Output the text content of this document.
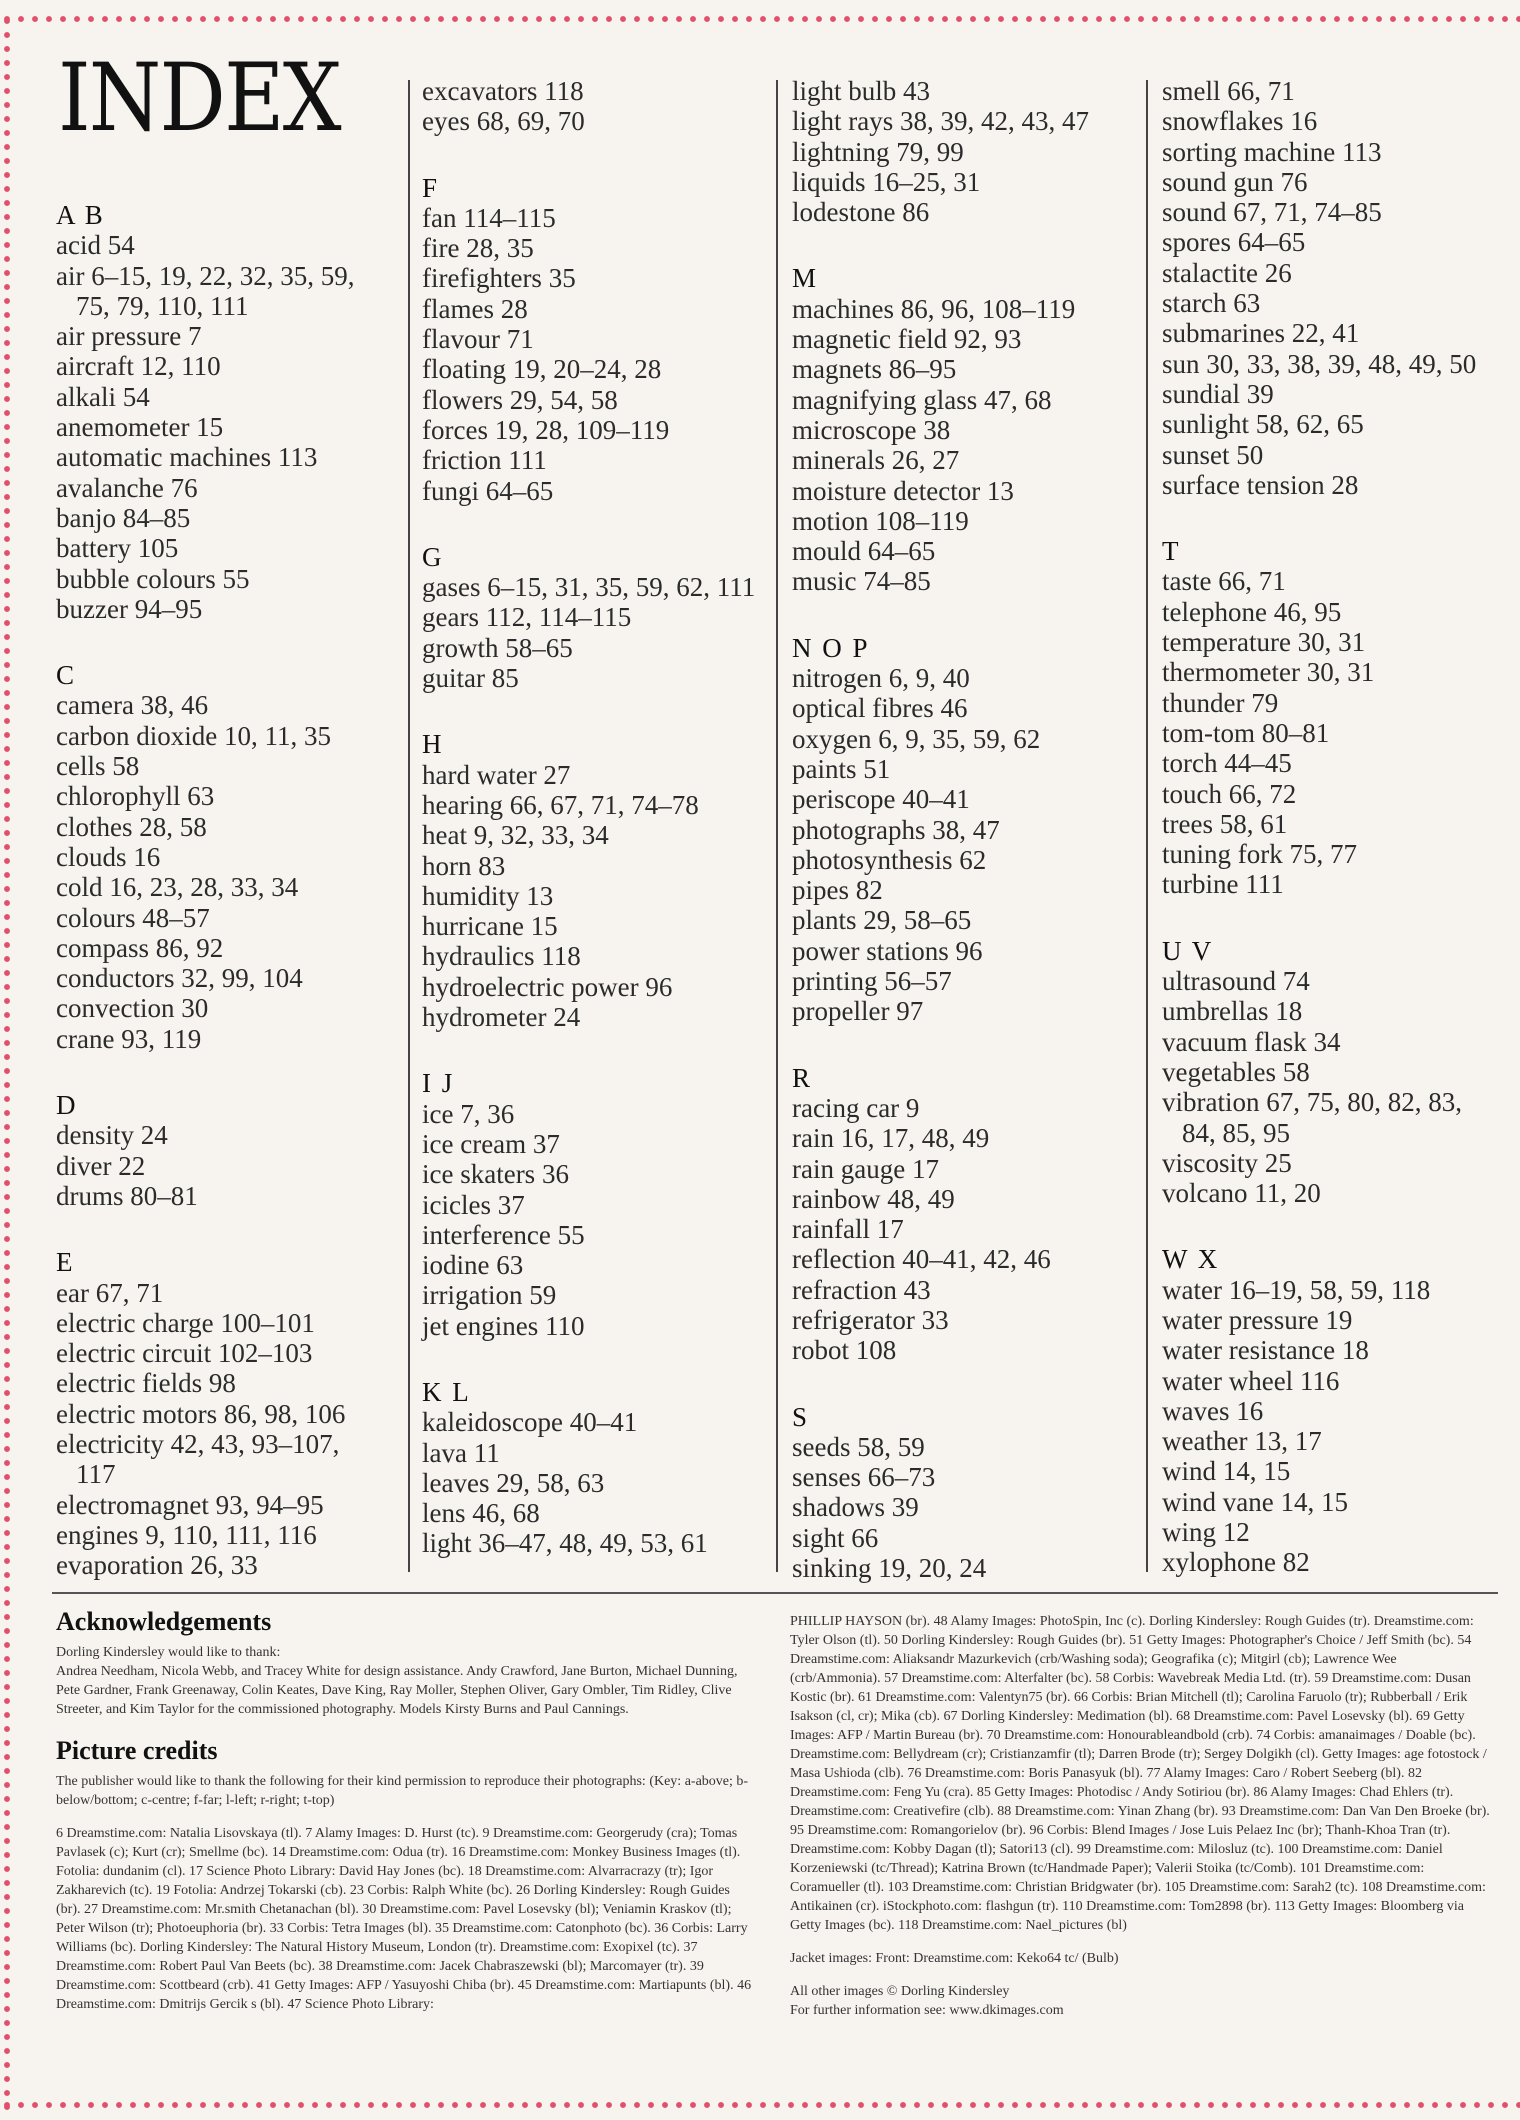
INDEX
A B
acid 54
air 6–15, 19, 22, 32, 35, 59,
75, 79, 110, 111
air pressure 7
aircraft 12, 110
alkali 54
anemometer 15
automatic machines 113
avalanche 76
banjo 84–85
battery 105
bubble colours 55
buzzer 94–95
C
camera 38, 46
carbon dioxide 10, 11, 35
cells 58
chlorophyll 63
clothes 28, 58
clouds 16
cold 16, 23, 28, 33, 34
colours 48–57
compass 86, 92
conductors 32, 99, 104
convection 30
crane 93, 119
D
density 24
diver 22
drums 80–81
E
ear 67, 71
electric charge 100–101
electric circuit 102–103
electric fields 98
electric motors 86, 98, 106
electricity 42, 43, 93–107,
117
electromagnet 93, 94–95
engines 9, 110, 111, 116
evaporation 26, 33
excavators 118
eyes 68, 69, 70
F
fan 114–115
fire 28, 35
firefighters 35
flames 28
flavour 71
floating 19, 20–24, 28
flowers 29, 54, 58
forces 19, 28, 109–119
friction 111
fungi 64–65
G
gases 6–15, 31, 35, 59, 62, 111
gears 112, 114–115
growth 58–65
guitar 85
H
hard water 27
hearing 66, 67, 71, 74–78
heat 9, 32, 33, 34
horn 83
humidity 13
hurricane 15
hydraulics 118
hydroelectric power 96
hydrometer 24
I J
ice 7, 36
ice cream 37
ice skaters 36
icicles 37
interference 55
iodine 63
irrigation 59
jet engines 110
K L
kaleidoscope 40–41
lava 11
leaves 29, 58, 63
lens 46, 68
light 36–47, 48, 49, 53, 61
light bulb 43
light rays 38, 39, 42, 43, 47
lightning 79, 99
liquids 16–25, 31
lodestone 86
M
machines 86, 96, 108–119
magnetic field 92, 93
magnets 86–95
magnifying glass 47, 68
microscope 38
minerals 26, 27
moisture detector 13
motion 108–119
mould 64–65
music 74–85
N O P
nitrogen 6, 9, 40
optical fibres 46
oxygen 6, 9, 35, 59, 62
paints 51
periscope 40–41
photographs 38, 47
photosynthesis 62
pipes 82
plants 29, 58–65
power stations 96
printing 56–57
propeller 97
R
racing car 9
rain 16, 17, 48, 49
rain gauge 17
rainbow 48, 49
rainfall 17
reflection 40–41, 42, 46
refraction 43
refrigerator 33
robot 108
S
seeds 58, 59
senses 66–73
shadows 39
sight 66
sinking 19, 20, 24
smell 66, 71
snowflakes 16
sorting machine 113
sound gun 76
sound 67, 71, 74–85
spores 64–65
stalactite 26
starch 63
submarines 22, 41
sun 30, 33, 38, 39, 48, 49, 50
sundial 39
sunlight 58, 62, 65
sunset 50
surface tension 28
T
taste 66, 71
telephone 46, 95
temperature 30, 31
thermometer 30, 31
thunder 79
tom-tom 80–81
torch 44–45
touch 66, 72
trees 58, 61
tuning fork 75, 77
turbine 111
U V
ultrasound 74
umbrellas 18
vacuum flask 34
vegetables 58
vibration 67, 75, 80, 82, 83,
84, 85, 95
viscosity 25
volcano 11, 20
W X
water 16–19, 58, 59, 118
water pressure 19
water resistance 18
water wheel 116
waves 16
weather 13, 17
wind 14, 15
wind vane 14, 15
wing 12
xylophone 82
Acknowledgements

Dorling Kindersley would like to thank:

Andrea Needham, Nicola Webb, and Tracey White for design assistance. Andy Crawford, Jane Burton, Michael Dunning, Pete Gardner, Frank Greenaway, Colin Keates, Dave King, Ray Moller, Stephen Oliver, Gary Ombler, Tim Ridley, Clive Streeter, and Kim Taylor for the commissioned photography. Models Kirsty Burns and Paul Cannings.

Picture credits

The publisher would like to thank the following for their kind permission to reproduce their photographs: (Key: a-above; b-below/bottom; c-centre; f-far; l-left; r-right; t-top)

6 Dreamstime.com: Natalia Lisovskaya (tl). 7 Alamy Images: D. Hurst (tc). 9 Dreamstime.com: Georgerudy (cra); Tomas Pavlasek (c); Kurt (cr); Smellme (bc). 14 Dreamstime.com: Odua (tr). 16 Dreamstime.com: Monkey Business Images (tl). Fotolia: dundanim (cl). 17 Science Photo Library: David Hay Jones (bc). 18 Dreamstime.com: Alvarracrazy (tr); Igor Zakharevich (tc). 19 Fotolia: Andrzej Tokarski (cb). 23 Corbis: Ralph White (bc). 26 Dorling Kindersley: Rough Guides (br). 27 Dreamstime.com: Mr.smith Chetanachan (bl). 30 Dreamstime.com: Pavel Losevsky (bl); Veniamin Kraskov (tl); Peter Wilson (tr); Photoeuphoria (br). 33 Corbis: Tetra Images (bl). 35 Dreamstime.com: Catonphoto (bc). 36 Corbis: Larry Williams (bc). Dorling Kindersley: The Natural History Museum, London (tr). Dreamstime.com: Exopixel (tc). 37 Dreamstime.com: Robert Paul Van Beets (bc). 38 Dreamstime.com: Jacek Chabraszewski (bl); Marcomayer (tr). 39 Dreamstime.com: Scottbeard (crb). 41 Getty Images: AFP / Yasuyoshi Chiba (br). 45 Dreamstime.com: Martiapunts (bl). 46 Dreamstime.com: Dmitrijs Gercik s (bl). 47 Science Photo Library:

PHILLIP HAYSON (br). 48 Alamy Images: PhotoSpin, Inc (c). Dorling Kindersley: Rough Guides (tr). Dreamstime.com: Tyler Olson (tl). 50 Dorling Kindersley: Rough Guides (br). 51 Getty Images: Photographer's Choice / Jeff Smith (bc). 54 Dreamstime.com: Aliaksandr Mazurkevich (crb/Washing soda); Geografika (c); Mitgirl (cb); Lawrence Wee (crb/Ammonia). 57 Dreamstime.com: Alterfalter (bc). 58 Corbis: Wavebreak Media Ltd. (tr). 59 Dreamstime.com: Dusan Kostic (br). 61 Dreamstime.com: Valentyn75 (br). 66 Corbis: Brian Mitchell (tl); Carolina Faruolo (tr); Rubberball / Erik Isakson (cl, cr); Mika (cb). 67 Dorling Kindersley: Medimation (bl). 68 Dreamstime.com: Pavel Losevsky (bl). 69 Getty Images: AFP / Martin Bureau (br). 70 Dreamstime.com: Honourableandbold (crb). 74 Corbis: amanaimages / Doable (bc). Dreamstime.com: Bellydream (cr); Cristianzamfir (tl); Darren Brode (tr); Sergey Dolgikh (cl). Getty Images: age fotostock / Masa Ushioda (clb). 76 Dreamstime.com: Boris Panasyuk (bl). 77 Alamy Images: Caro / Robert Seeberg (bl). 82 Dreamstime.com: Feng Yu (cra). 85 Getty Images: Photodisc / Andy Sotiriou (br). 86 Alamy Images: Chad Ehlers (tr). Dreamstime.com: Creativefire (clb). 88 Dreamstime.com: Yinan Zhang (br). 93 Dreamstime.com: Dan Van Den Broeke (br). 95 Dreamstime.com: Romangorielov (br). 96 Corbis: Blend Images / Jose Luis Pelaez Inc (br); Thanh-Khoa Tran (tr). Dreamstime.com: Kobby Dagan (tl); Satori13 (cl). 99 Dreamstime.com: Milosluz (tc). 100 Dreamstime.com: Daniel Korzeniewski (tc/Thread); Katrina Brown (tc/Handmade Paper); Valerii Stoika (tc/Comb). 101 Dreamstime.com: Coramueller (tl). 103 Dreamstime.com: Christian Bridgwater (br). 105 Dreamstime.com: Sarah2 (tc). 108 Dreamstime.com: Antikainen (cr). iStockphoto.com: flashgun (tr). 110 Dreamstime.com: Tom2898 (br). 113 Getty Images: Bloomberg via Getty Images (bc). 118 Dreamstime.com: Nael_pictures (bl)

Jacket images: Front: Dreamstime.com: Keko64 tc/ (Bulb)

All other images © Dorling Kindersley

For further information see: www.dkimages.com
